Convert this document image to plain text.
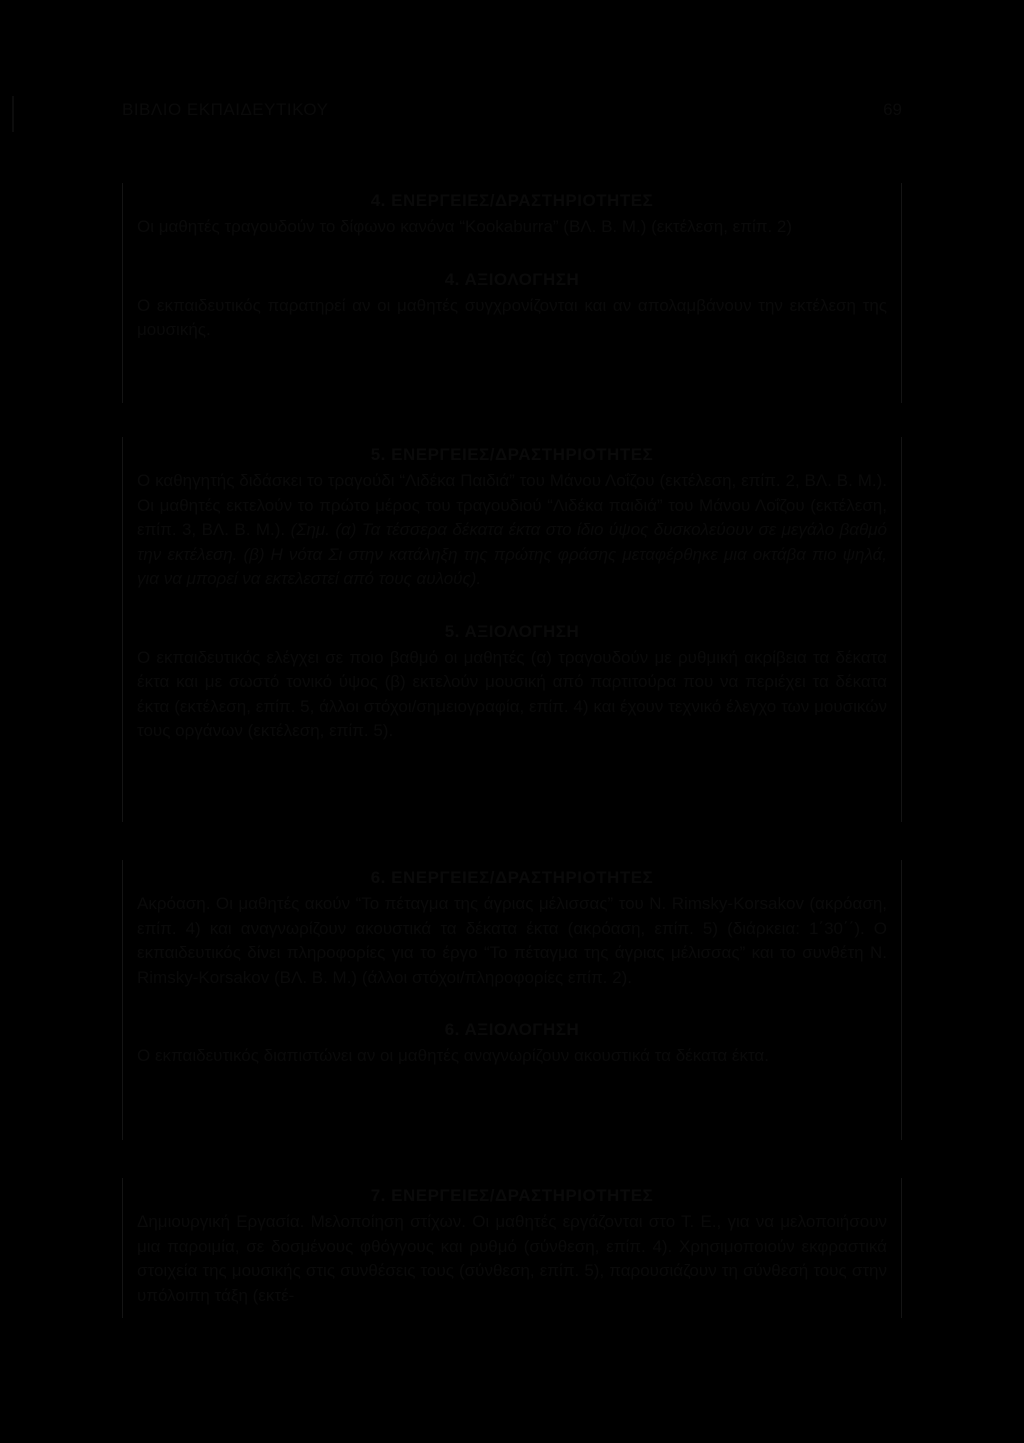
ΒΙΒΛΙΟ ΕΚΠΑΙΔΕΥΤΙΚΟΥ	69
4. ΕΝΕΡΓΕΙΕΣ/ΔΡΑΣΤΗΡΙΟΤΗΤΕΣ
Οι μαθητές τραγουδούν το δίφωνο κανόνα “Kookaburra” (ΒΛ. Β. Μ.) (εκτέλεση, επίπ. 2)
4. ΑΞΙΟΛΟΓΗΣΗ
Ο εκπαιδευτικός παρατηρεί αν οι μαθητές συγχρονίζονται και αν απολαμβάνουν την εκτέλεση της μουσικής.
5. ΕΝΕΡΓΕΙΕΣ/ΔΡΑΣΤΗΡΙΟΤΗΤΕΣ
Ο καθηγητής διδάσκει το τραγούδι “Λιδέκα Παιδιά” του Μάνου Λοΐζου (εκτέλεση, επίπ. 2, ΒΛ. Β. Μ.). Οι μαθητές εκτελούν το πρώτο μέρος του τραγουδιού “Λιδέκα παιδιά” του Μάνου Λοΐζου (εκτέλεση, επίπ. 3, ΒΛ. Β. Μ.). (Σημ. (α) Τα τέσσερα δέκατα έκτα στο ίδιο ύψος δυσκολεύουν σε μεγάλο βαθμό την εκτέλεση. (β) Η νότα Σι στην κατάληξη της πρώτης φράσης μεταφέρθηκε μια οκτάβα πιο ψηλά, για να μπορεί να εκτελεστεί από τους αυλούς).
5. ΑΞΙΟΛΟΓΗΣΗ
Ο εκπαιδευτικός ελέγχει σε ποιο βαθμό οι μαθητές (α) τραγουδούν με ρυθμική ακρίβεια τα δέκατα έκτα και με σωστό τονικό ύψος (β) εκτελούν μουσική από παρτιτούρα που να περιέχει τα δέκατα έκτα (εκτέλεση, επίπ. 5, άλλοι στόχοι/σημειογραφία, επίπ. 4) και έχουν τεχνικό έλεγχο των μουσικών τους οργάνων (εκτέλεση, επίπ. 5).
6. ΕΝΕΡΓΕΙΕΣ/ΔΡΑΣΤΗΡΙΟΤΗΤΕΣ
Ακρόαση. Οι μαθητές ακούν “Το πέταγμα της άγριας μέλισσας” του N. Rimsky-Korsakov (ακρόαση, επίπ. 4) και αναγνωρίζουν ακουστικά τα δέκατα έκτα (ακρόαση, επίπ. 5) (διάρκεια: 1΄30΄΄). Ο εκπαιδευτικός δίνει πληροφορίες για το έργο “Το πέταγμα της άγριας μέλισσας” και το συνθέτη N. Rimsky-Korsakov (ΒΛ. Β. Μ.) (άλλοι στόχοι/πληροφορίες επίπ. 2).
6. ΑΞΙΟΛΟΓΗΣΗ
Ο εκπαιδευτικός διαπιστώνει αν οι μαθητές αναγνωρίζουν ακουστικά τα δέκατα έκτα.
7. ΕΝΕΡΓΕΙΕΣ/ΔΡΑΣΤΗΡΙΟΤΗΤΕΣ
Δημιουργική Εργασία. Μελοποίηση στίχων. Οι μαθητές εργάζονται στο Τ. Ε., για να μελοποιήσουν μια παροιμία, σε δοσμένους φθόγγους και ρυθμό (σύνθεση, επίπ. 4). Χρησιμοποιούν εκφραστικά στοιχεία της μουσικής στις συνθέσεις τους (σύνθεση, επίπ. 5), παρουσιάζουν τη σύνθεσή τους στην υπόλοιπη τάξη (εκτέ-
